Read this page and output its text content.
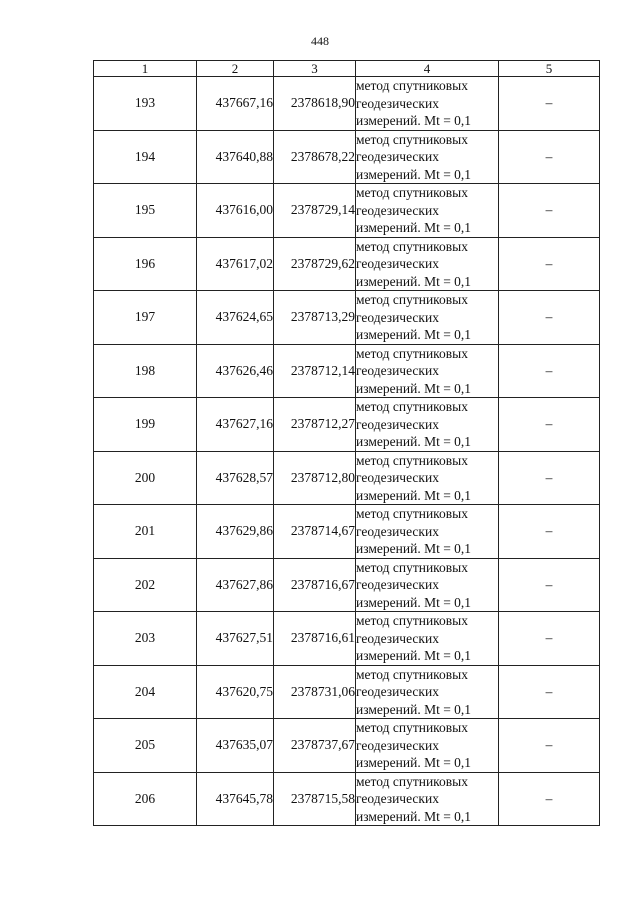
448
1	2	3	4	5
193	437667,16	2378618,90	метод спутниковых
геодезических
измерений. Mt = 0,1	–
194	437640,88	2378678,22	метод спутниковых
геодезических
измерений. Mt = 0,1	–
195	437616,00	2378729,14	метод спутниковых
геодезических
измерений. Mt = 0,1	–
196	437617,02	2378729,62	метод спутниковых
геодезических
измерений. Mt = 0,1	–
197	437624,65	2378713,29	метод спутниковых
геодезических
измерений. Mt = 0,1	–
198	437626,46	2378712,14	метод спутниковых
геодезических
измерений. Mt = 0,1	–
199	437627,16	2378712,27	метод спутниковых
геодезических
измерений. Mt = 0,1	–
200	437628,57	2378712,80	метод спутниковых
геодезических
измерений. Mt = 0,1	–
201	437629,86	2378714,67	метод спутниковых
геодезических
измерений. Mt = 0,1	–
202	437627,86	2378716,67	метод спутниковых
геодезических
измерений. Mt = 0,1	–
203	437627,51	2378716,61	метод спутниковых
геодезических
измерений. Mt = 0,1	–
204	437620,75	2378731,06	метод спутниковых
геодезических
измерений. Mt = 0,1	–
205	437635,07	2378737,67	метод спутниковых
геодезических
измерений. Mt = 0,1	–
206	437645,78	2378715,58	метод спутниковых
геодезических
измерений. Mt = 0,1	–
